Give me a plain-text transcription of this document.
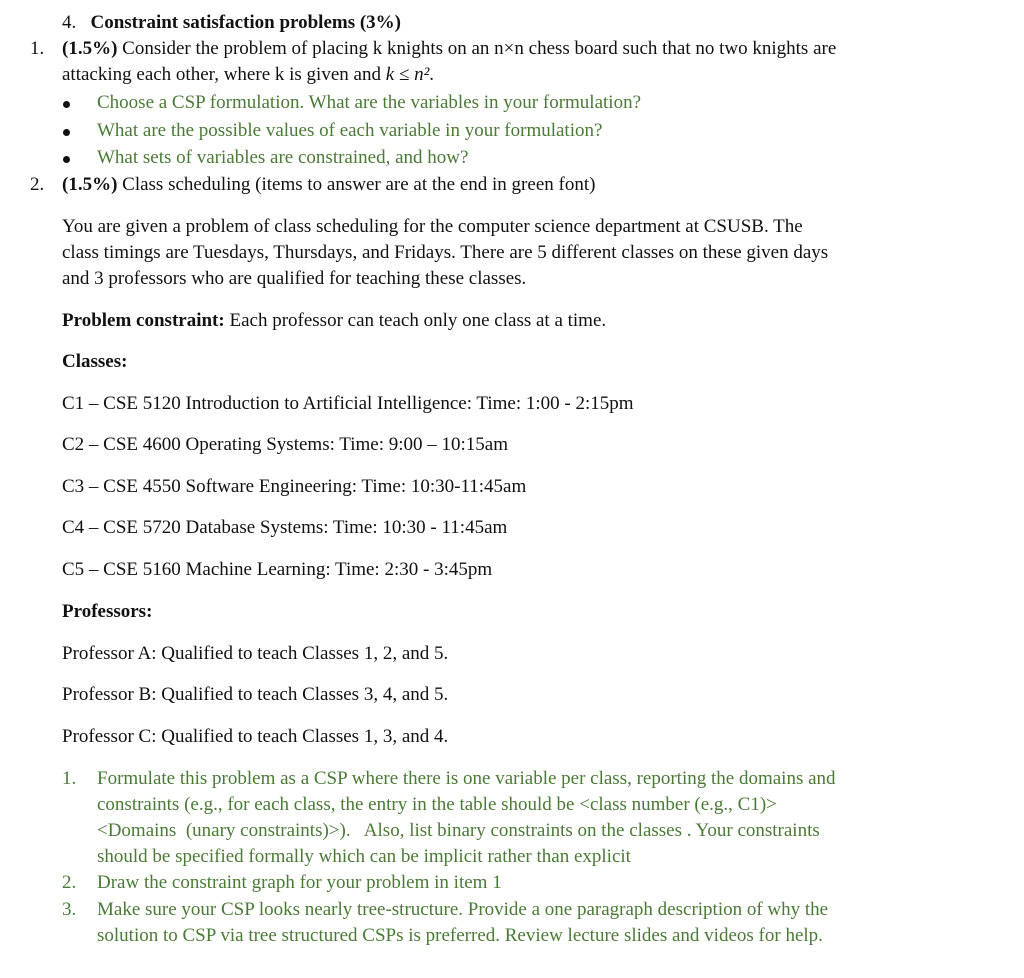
4. Constraint satisfaction problems (3%)
1. (1.5%) Consider the problem of placing k knights on an n×n chess board such that no two knights are
attacking each other, where k is given and k ≤ n².
Choose a CSP formulation. What are the variables in your formulation?
What are the possible values of each variable in your formulation?
What sets of variables are constrained, and how?
2. (1.5%) Class scheduling (items to answer are at the end in green font)
You are given a problem of class scheduling for the computer science department at CSUSB. The
class timings are Tuesdays, Thursdays, and Fridays. There are 5 different classes on these given days
and 3 professors who are qualified for teaching these classes.
Problem constraint: Each professor can teach only one class at a time.
Classes:
C1 – CSE 5120 Introduction to Artificial Intelligence: Time: 1:00 - 2:15pm
C2 – CSE 4600 Operating Systems: Time: 9:00 – 10:15am
C3 – CSE 4550 Software Engineering: Time: 10:30-11:45am
C4 – CSE 5720 Database Systems: Time: 10:30 - 11:45am
C5 – CSE 5160 Machine Learning: Time: 2:30 - 3:45pm
Professors:
Professor A: Qualified to teach Classes 1, 2, and 5.
Professor B: Qualified to teach Classes 3, 4, and 5.
Professor C: Qualified to teach Classes 1, 3, and 4.
1. Formulate this problem as a CSP where there is one variable per class, reporting the domains and
constraints (e.g., for each class, the entry in the table should be <class number (e.g., C1)>
<Domains  (unary constraints)>).   Also, list binary constraints on the classes . Your constraints
should be specified formally which can be implicit rather than explicit
2. Draw the constraint graph for your problem in item 1
3. Make sure your CSP looks nearly tree-structure. Provide a one paragraph description of why the
solution to CSP via tree structured CSPs is preferred. Review lecture slides and videos for help.
